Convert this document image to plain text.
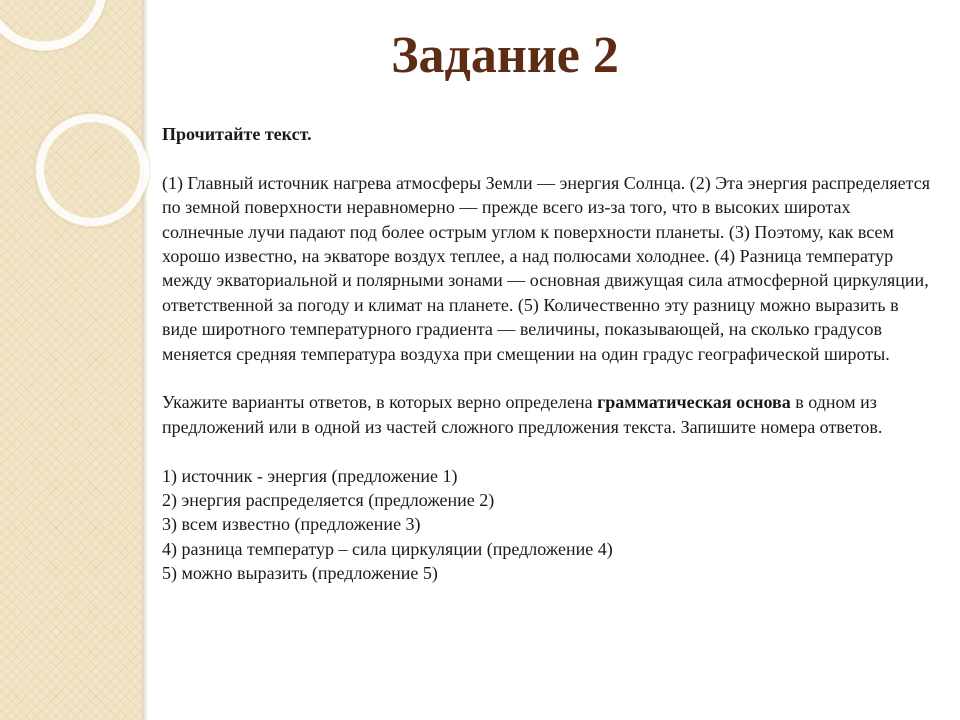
Задание 2

Прочитайте текст.

(1) Главный источник нагрева атмосферы Земли — энергия Солнца. (2) Эта энергия распределяется по земной поверхности неравномерно — прежде всего из-за того, что в высоких широтах солнечные лучи падают под более острым углом к поверхности планеты. (3) Поэтому, как всем хорошо известно, на экваторе воздух теплее, а над полюсами холоднее. (4) Разница температур между экваториальной и полярными зонами — основная движущая сила атмосферной циркуляции, ответственной за погоду и климат на планете. (5) Количественно эту разницу можно выразить в виде широтного температурного градиента — величины, показывающей, на сколько градусов меняется средняя температура воздуха при смещении на один градус географической широты.

Укажите варианты ответов, в которых верно определена грамматическая основа в одном из предложений или в одной из частей сложного предложения текста. Запишите номера ответов.

1) источник - энергия (предложение 1)
2) энергия распределяется (предложение 2)
3) всем известно (предложение 3)
4) разница температур – сила циркуляции (предложение 4)
5) можно выразить (предложение 5)
